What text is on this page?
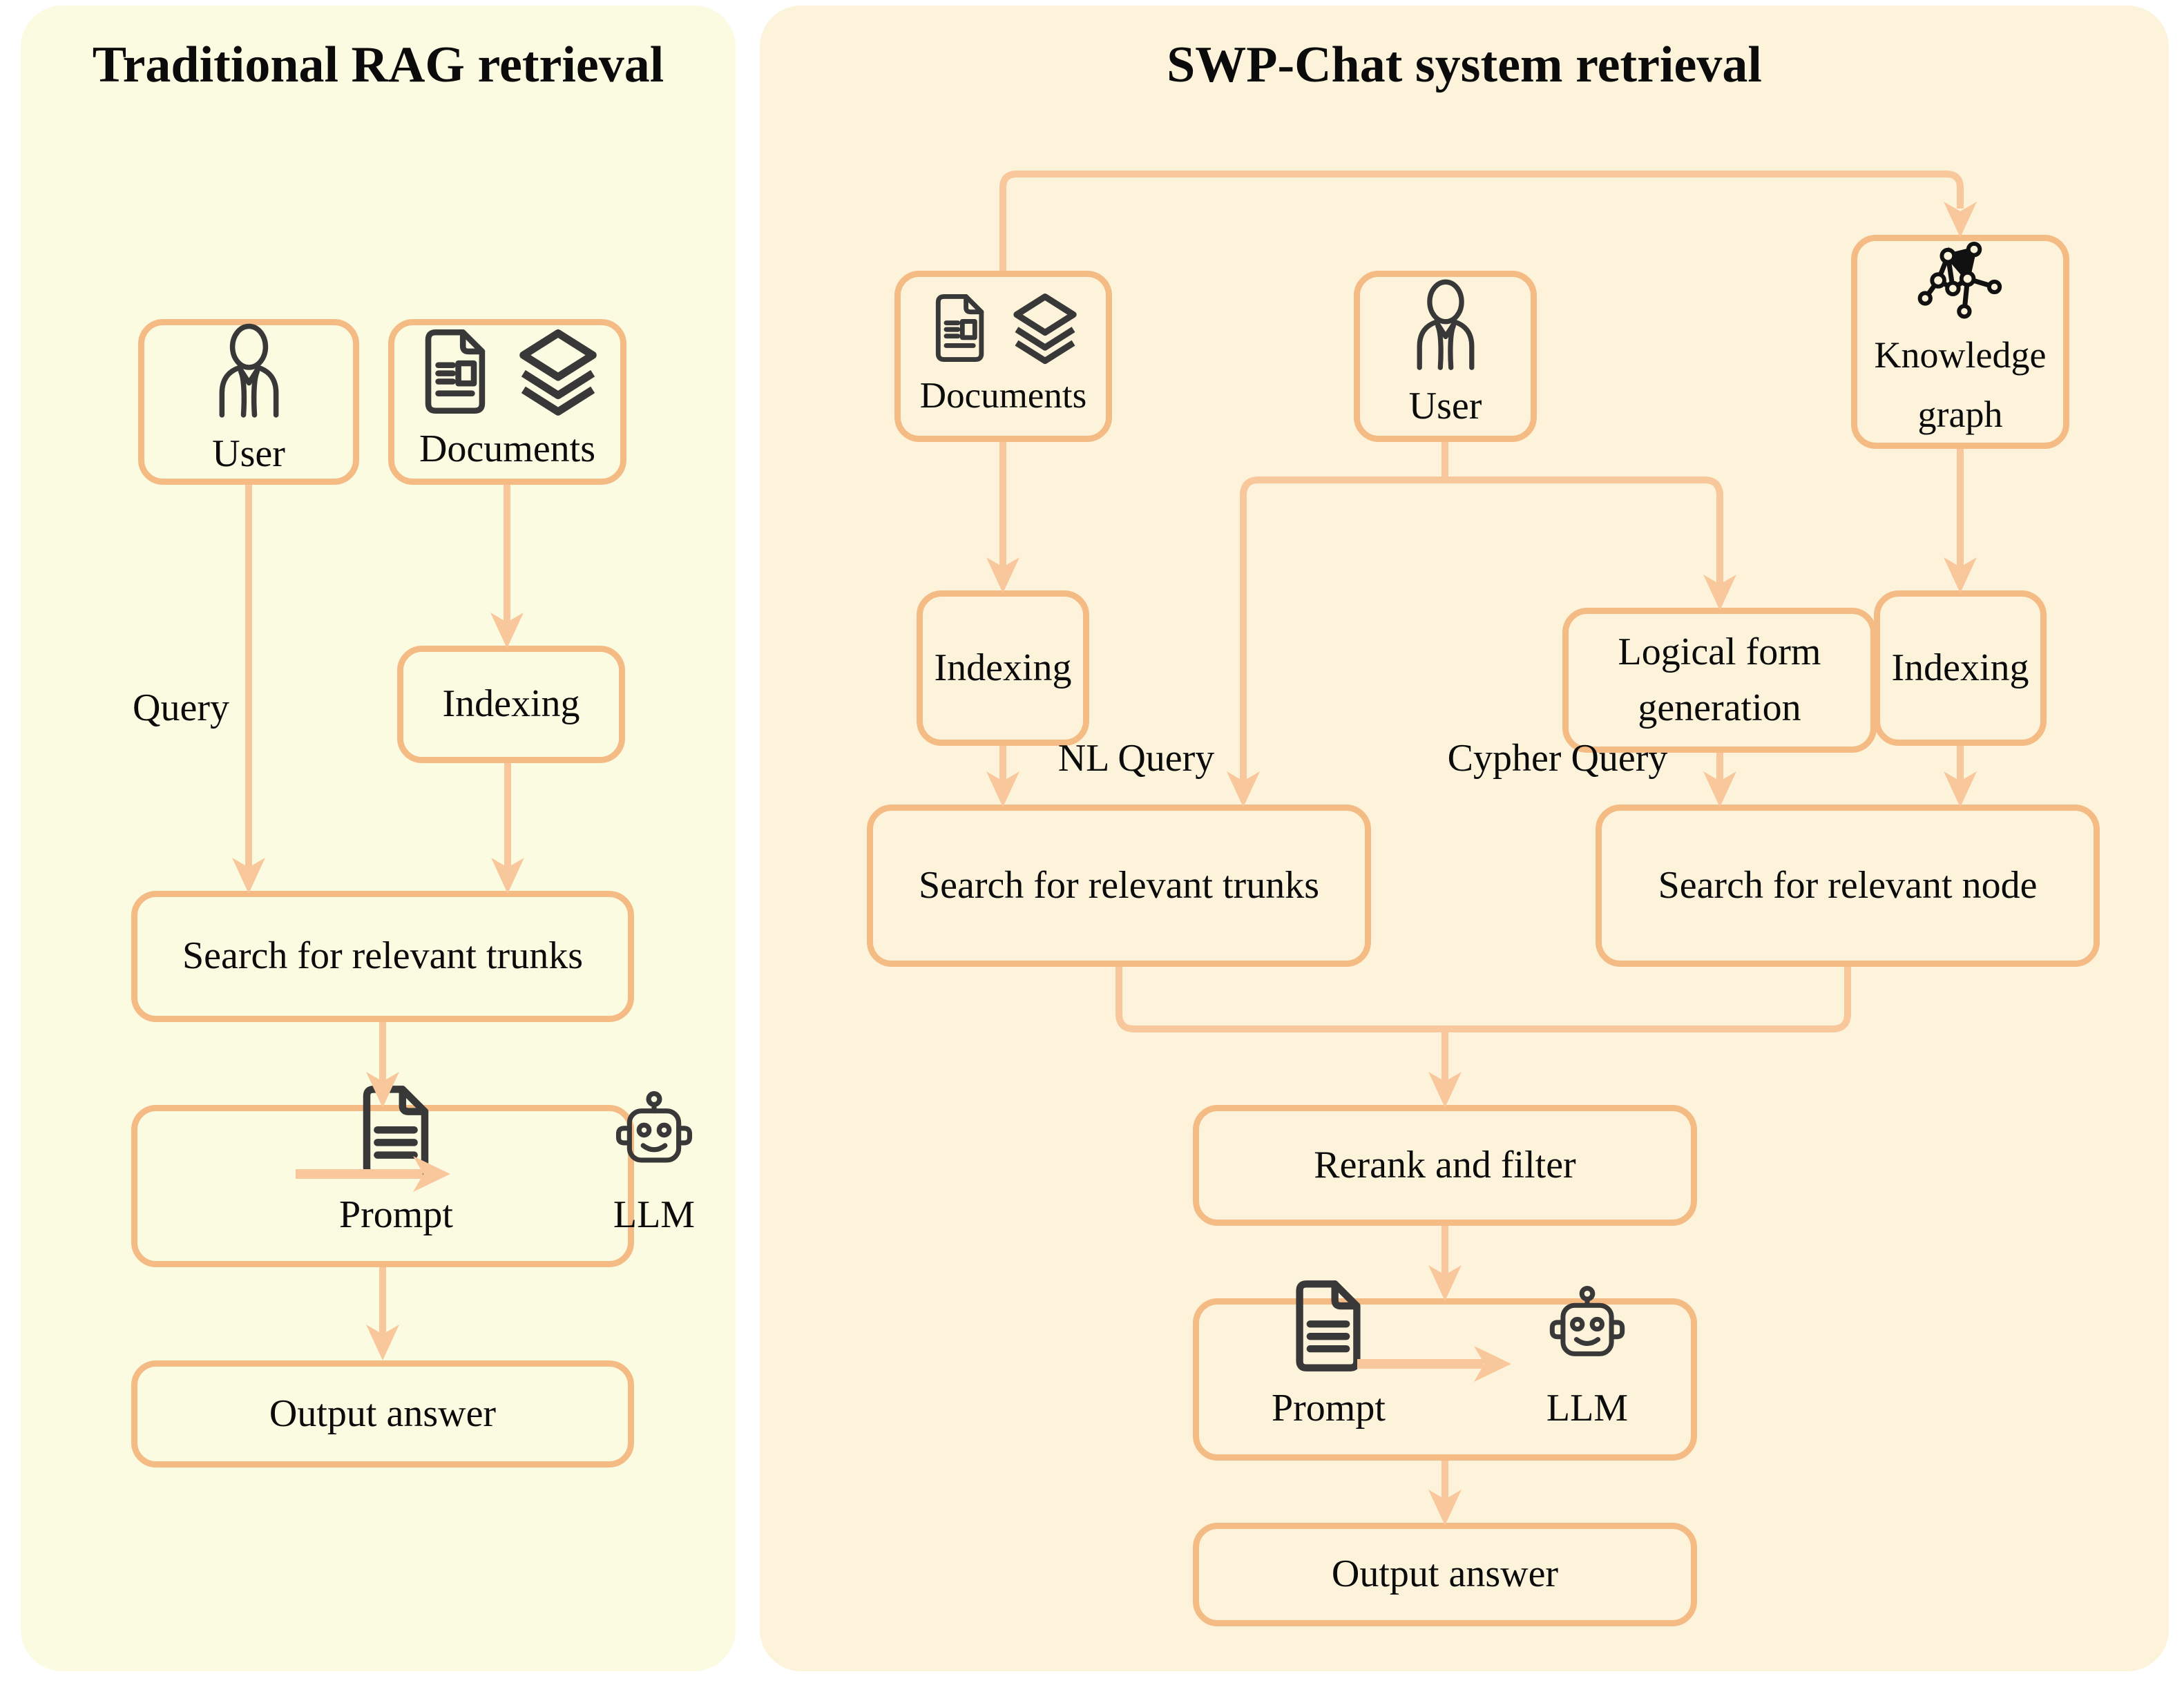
Traditional RAG retrieval	SWP-Chat system retrieval
User	Documents
Indexing
Search for relevant trunks
Prompt	LLM
Output answer
Documents	User
Knowledge graph
Indexing	Logical form generation
Indexing
Search for relevant trunks	Search for relevant node
Rerank and filter
Prompt	LLM
Output answer
Query
NL Query	Cypher Query
